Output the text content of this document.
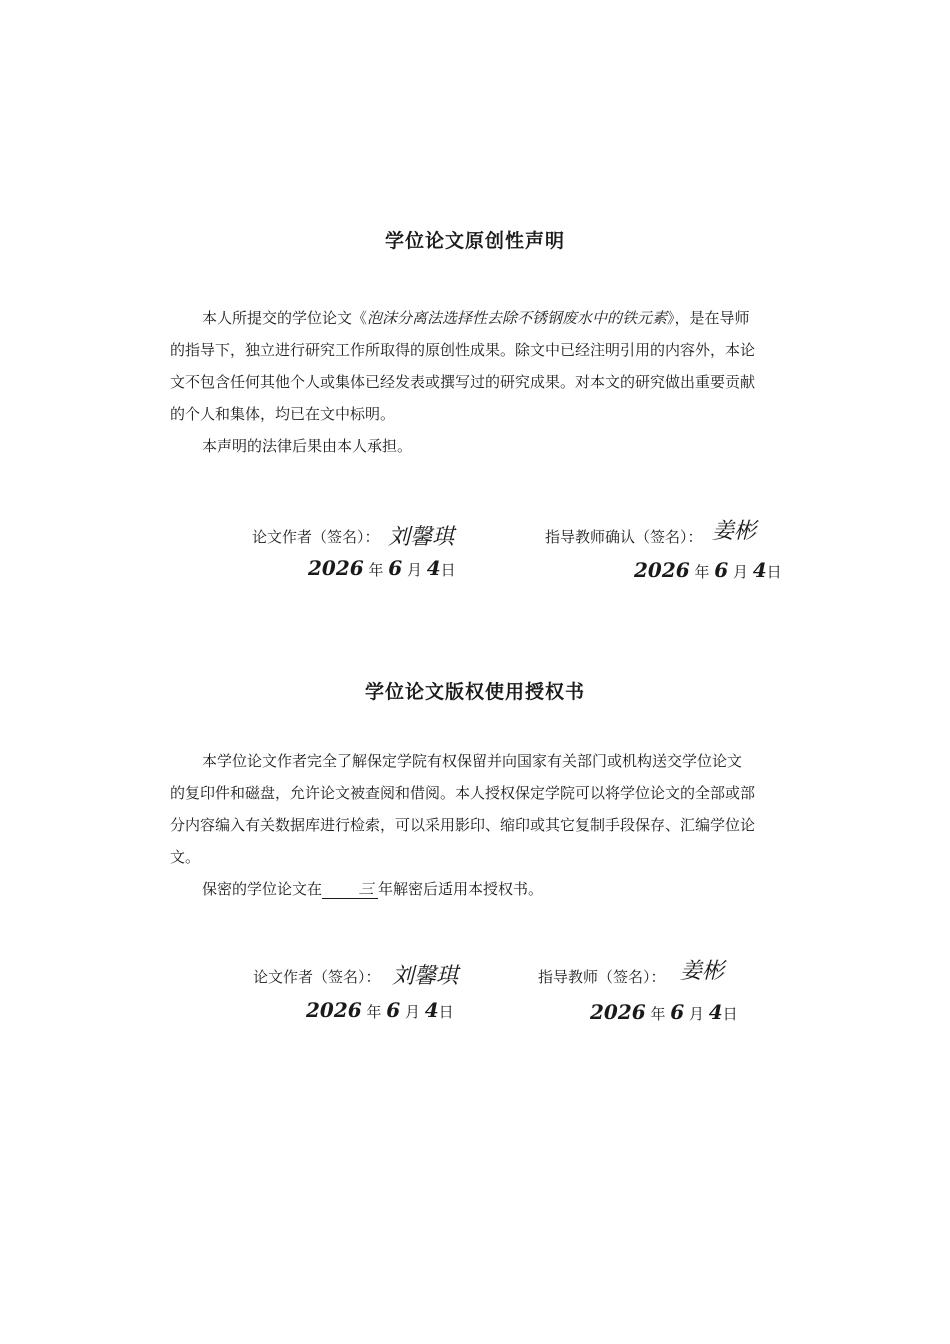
学位论文原创性声明
本人所提交的学位论文《泡沫分离法选择性去除不锈钢废水中的铁元素》，是在导师
的指导下，独立进行研究工作所取得的原创性成果。除文中已经注明引用的内容外，本论
文不包含任何其他个人或集体已经发表或撰写过的研究成果。对本文的研究做出重要贡献
的个人和集体，均已在文中标明。
本声明的法律后果由本人承担。
论文作者（签名）： 刘馨琪
2026 年 6 月 4日
指导教师确认（签名）： 姜彬
2026 年 6 月 4日
学位论文版权使用授权书
本学位论文作者完全了解保定学院有权保留并向国家有关部门或机构送交学位论文
的复印件和磁盘，允许论文被查阅和借阅。本人授权保定学院可以将学位论文的全部或部
分内容编入有关数据库进行检索，可以采用影印、缩印或其它复制手段保存、汇编学位论
文。
保密的学位论文在 三 年解密后适用本授权书。
论文作者（签名）： 刘馨琪
2026 年 6 月 4日
指导教师（签名）： 姜彬
2026 年 6 月 4日
